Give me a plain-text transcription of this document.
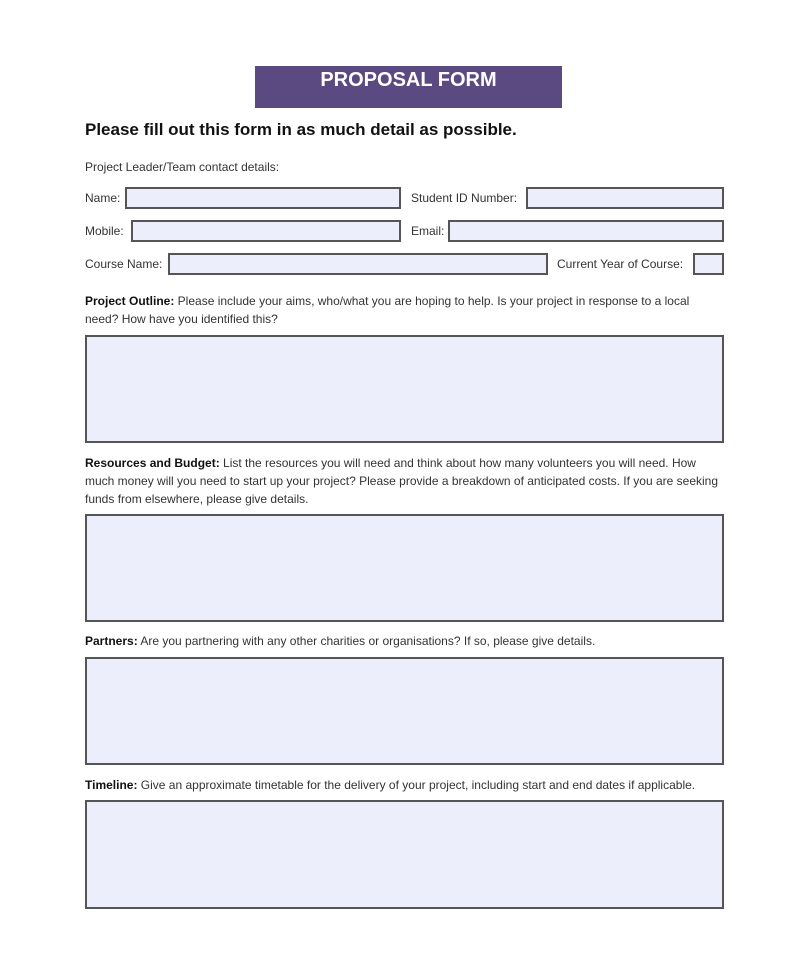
PROPOSAL FORM
Please fill out this form in as much detail as possible.
Project Leader/Team contact details:
Name:	Student ID Number:
Mobile:	Email:
Course Name:	Current Year of Course:
Project Outline: Please include your aims, who/what you are hoping to help. Is your project in response to a local need? How have you identified this?
Resources and Budget: List the resources you will need and think about how many volunteers you will need. How much money will you need to start up your project? Please provide a breakdown of anticipated costs. If you are seeking funds from elsewhere, please give details.
Partners: Are you partnering with any other charities or organisations? If so, please give details.
Timeline: Give an approximate timetable for the delivery of your project, including start and end dates if applicable.
